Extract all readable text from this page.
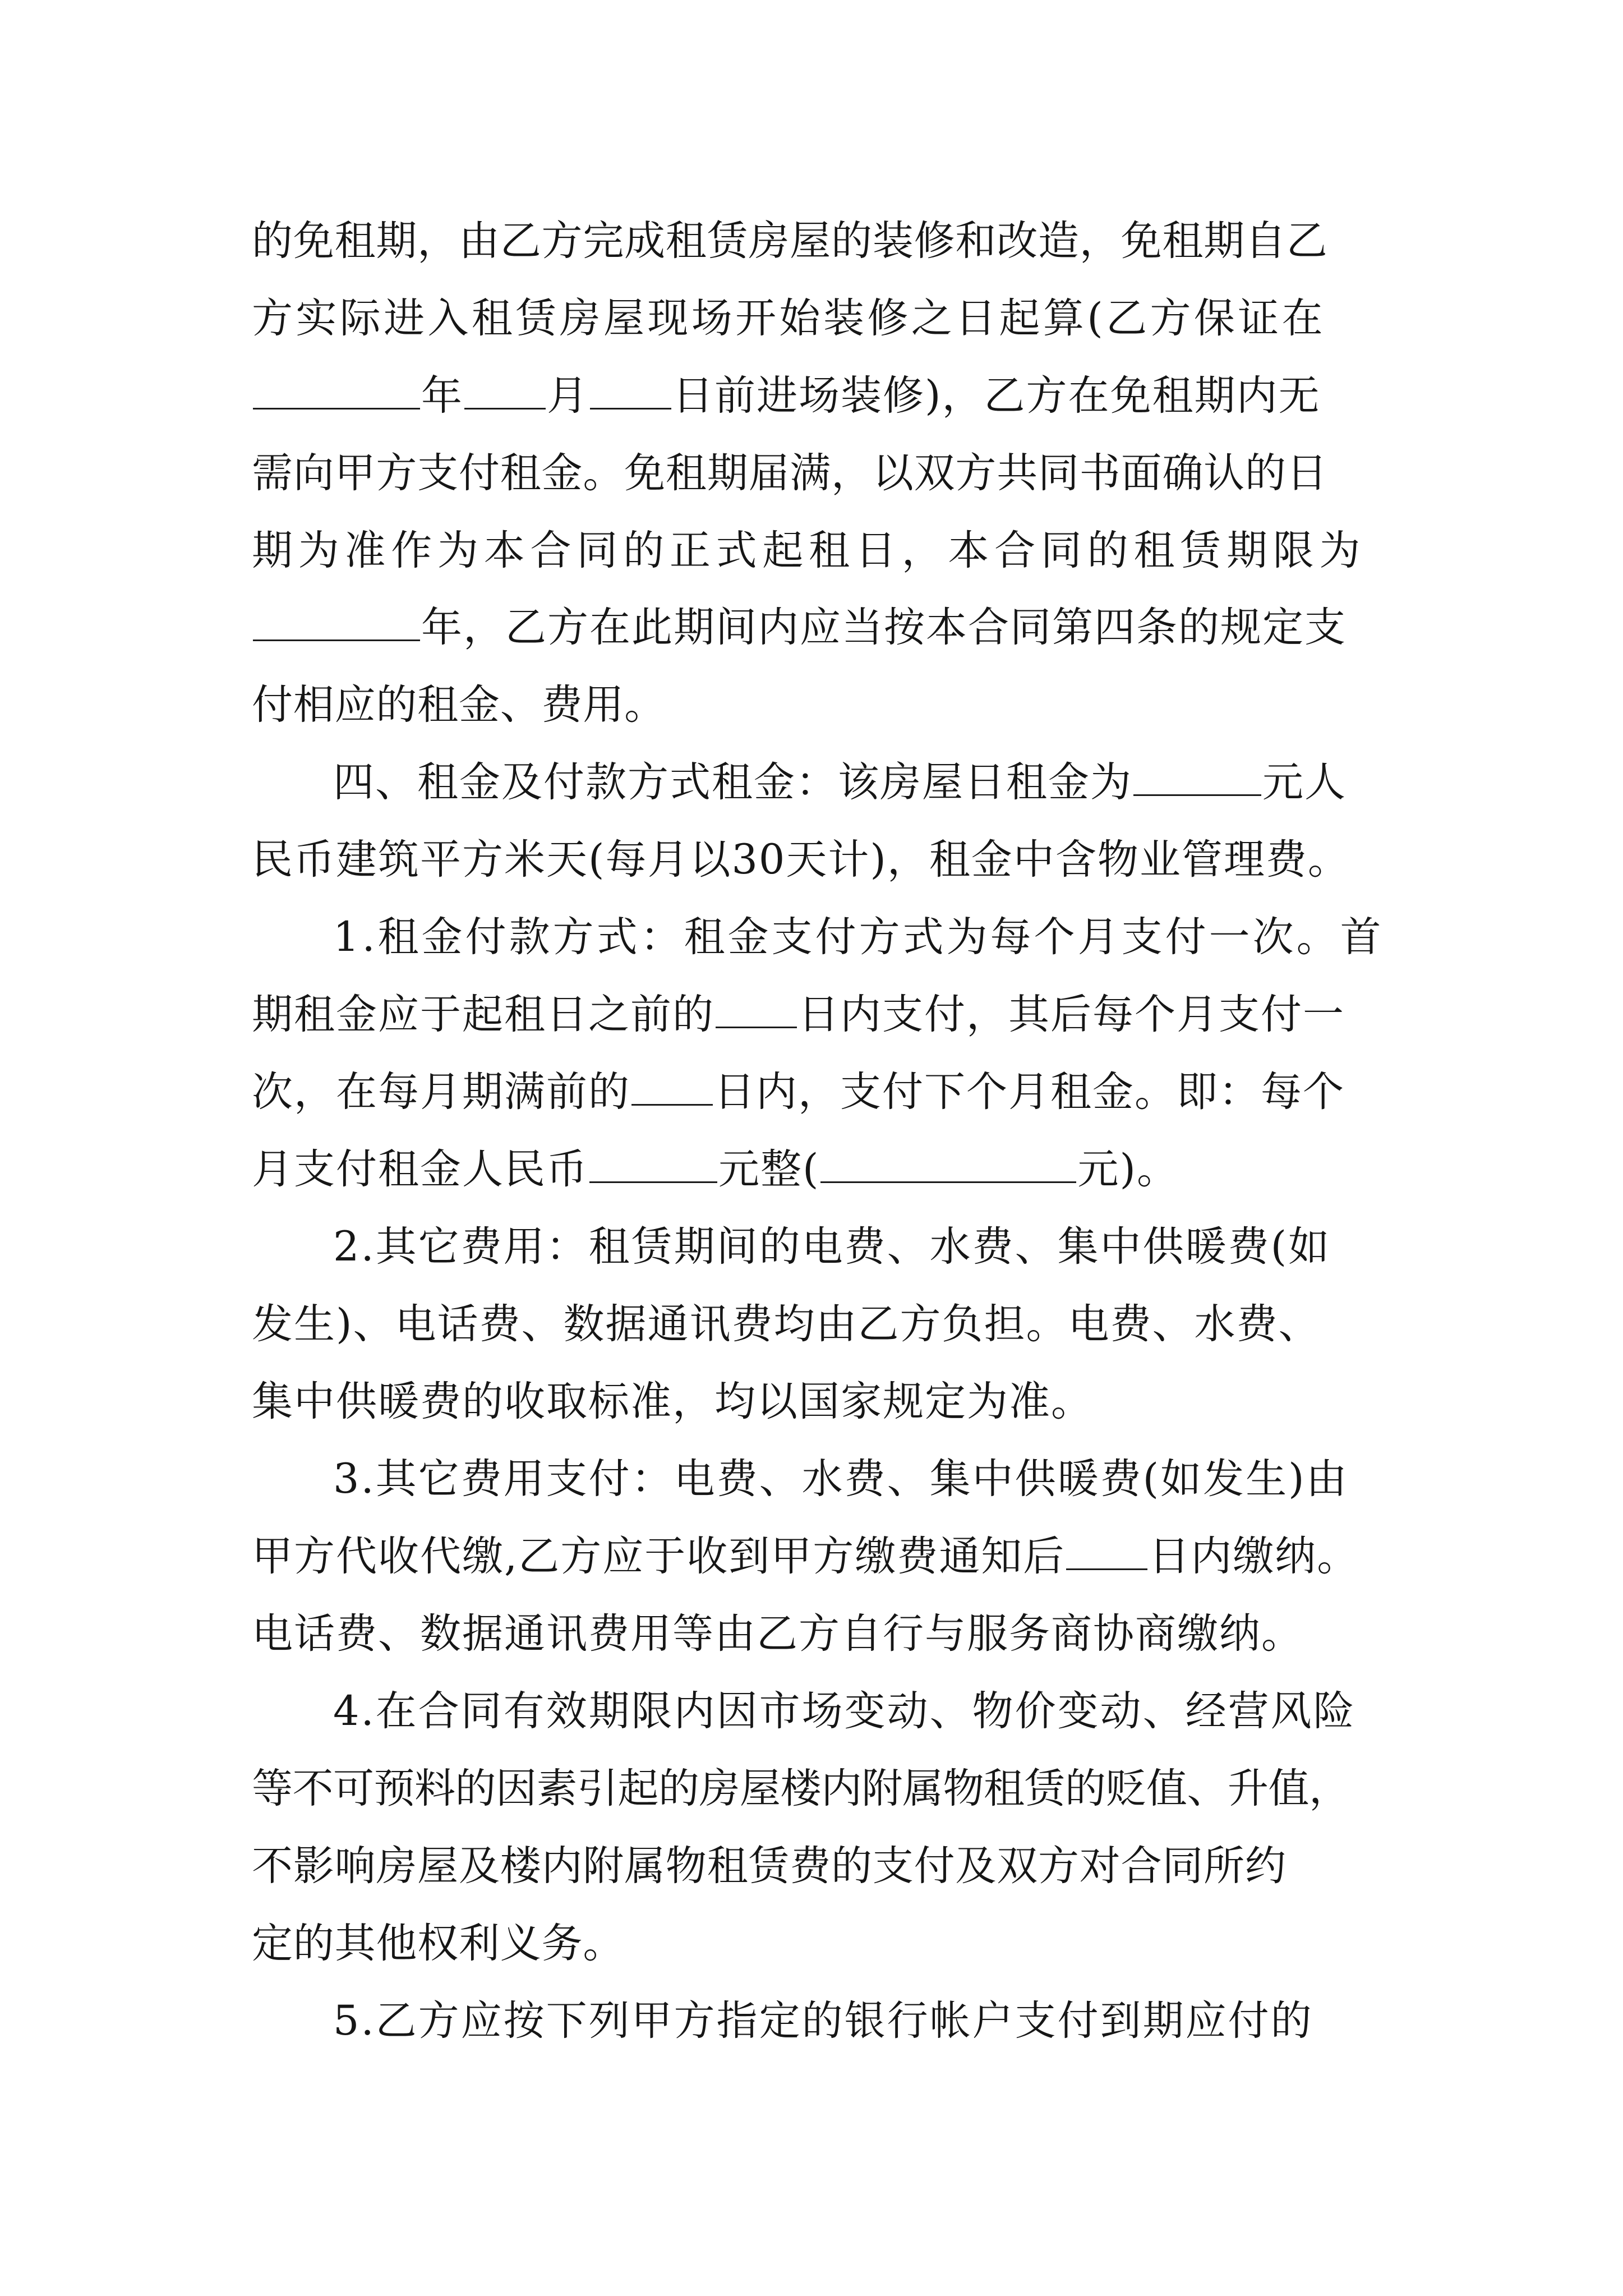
的免租期，由乙方完成租赁房屋的装修和改造，免租期自乙

方实际进入租赁房屋现场开始装修之日起算(乙方保证在

年 月 日前进场装修)，乙方在免租期内无

需向甲方支付租金。免租期届满，以双方共同书面确认的日

期为准作为本合同的正式起租日，本合同的租赁期限为

年，乙方在此期间内应当按本合同第四条的规定支

付相应的租金、费用。

四、租金及付款方式租金：该房屋日租金为	元人

民币建筑平方米天(每月以30天计)，租金中含物业管理费。

1.租金付款方式：租金支付方式为每个月支付一次。首

期租金应于起租日之前的 日内支付，其后每个月支付一

次，在每月期满前的 日内，支付下个月租金。即：每个

月支付租金人民币	元整(	元)。

2.其它费用：租赁期间的电费、水费、集中供暖费(如

发生)、电话费、数据通讯费均由乙方负担。电费、水费、

集中供暖费的收取标准，均以国家规定为准。

3.其它费用支付：电费、水费、集中供暖费(如发生)由

甲方代收代缴,乙方应于收到甲方缴费通知后 日内缴纳。

电话费、数据通讯费用等由乙方自行与服务商协商缴纳。

4.在合同有效期限内因市场变动、物价变动、经营风险

等不可预料的因素引起的房屋楼内附属物租赁的贬值、升值，

不影响房屋及楼内附属物租赁费的支付及双方对合同所约

定的其他权利义务。

5.乙方应按下列甲方指定的银行帐户支付到期应付的
